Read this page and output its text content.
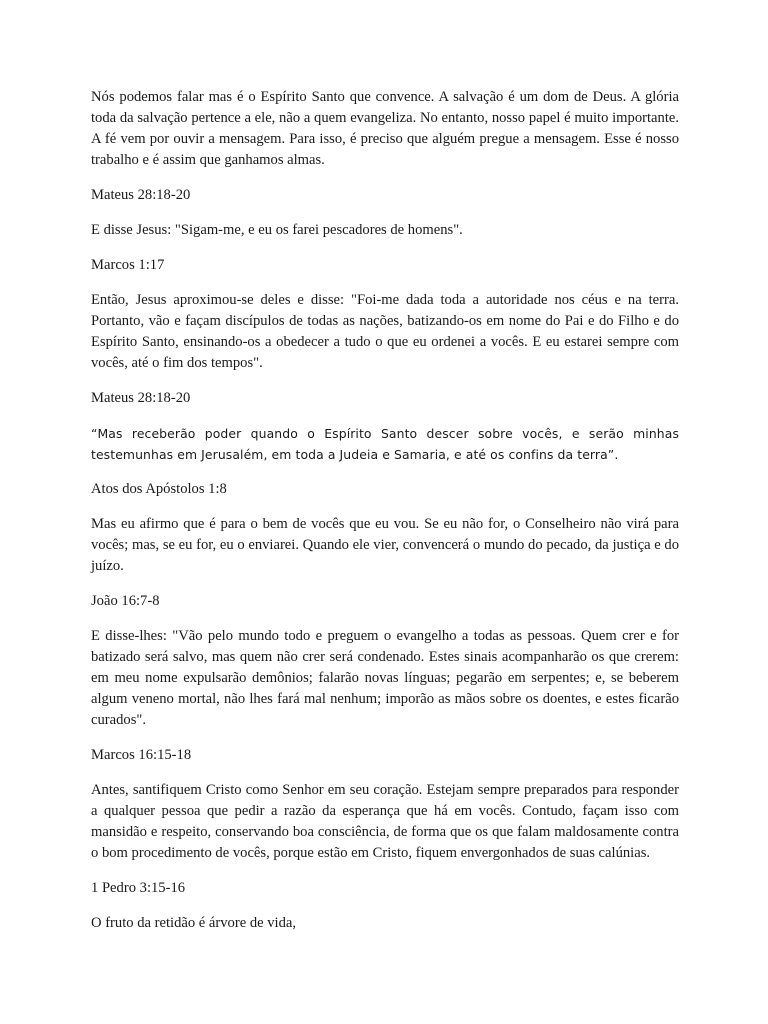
Nós podemos falar mas é o Espírito Santo que convence. A salvação é um dom de Deus. A glória toda da salvação pertence a ele, não a quem evangeliza. No entanto, nosso papel é muito importante. A fé vem por ouvir a mensagem. Para isso, é preciso que alguém pregue a mensagem. Esse é nosso trabalho e é assim que ganhamos almas.

Mateus 28:18-20

E disse Jesus: "Sigam-me, e eu os farei pescadores de homens".

Marcos 1:17

Então, Jesus aproximou-se deles e disse: "Foi-me dada toda a autoridade nos céus e na terra. Portanto, vão e façam discípulos de todas as nações, batizando-os em nome do Pai e do Filho e do Espírito Santo, ensinando-os a obedecer a tudo o que eu ordenei a vocês. E eu estarei sempre com vocês, até o fim dos tempos".

Mateus 28:18-20

“Mas receberão poder quando o Espírito Santo descer sobre vocês, e serão minhas testemunhas em Jerusalém, em toda a Judeia e Samaria, e até os confins da terra”.

Atos dos Apóstolos 1:8

Mas eu afirmo que é para o bem de vocês que eu vou. Se eu não for, o Conselheiro não virá para vocês; mas, se eu for, eu o enviarei. Quando ele vier, convencerá o mundo do pecado, da justiça e do juízo.

João 16:7-8

E disse-lhes: "Vão pelo mundo todo e preguem o evangelho a todas as pessoas. Quem crer e for batizado será salvo, mas quem não crer será condenado. Estes sinais acompanharão os que crerem: em meu nome expulsarão demônios; falarão novas línguas; pegarão em serpentes; e, se beberem algum veneno mortal, não lhes fará mal nenhum; imporão as mãos sobre os doentes, e estes ficarão curados".

Marcos 16:15-18

Antes, santifiquem Cristo como Senhor em seu coração. Estejam sempre preparados para responder a qualquer pessoa que pedir a razão da esperança que há em vocês. Contudo, façam isso com mansidão e respeito, conservando boa consciência, de forma que os que falam maldosamente contra o bom procedimento de vocês, porque estão em Cristo, fiquem envergonhados de suas calúnias.

1 Pedro 3:15-16

O fruto da retidão é árvore de vida,
